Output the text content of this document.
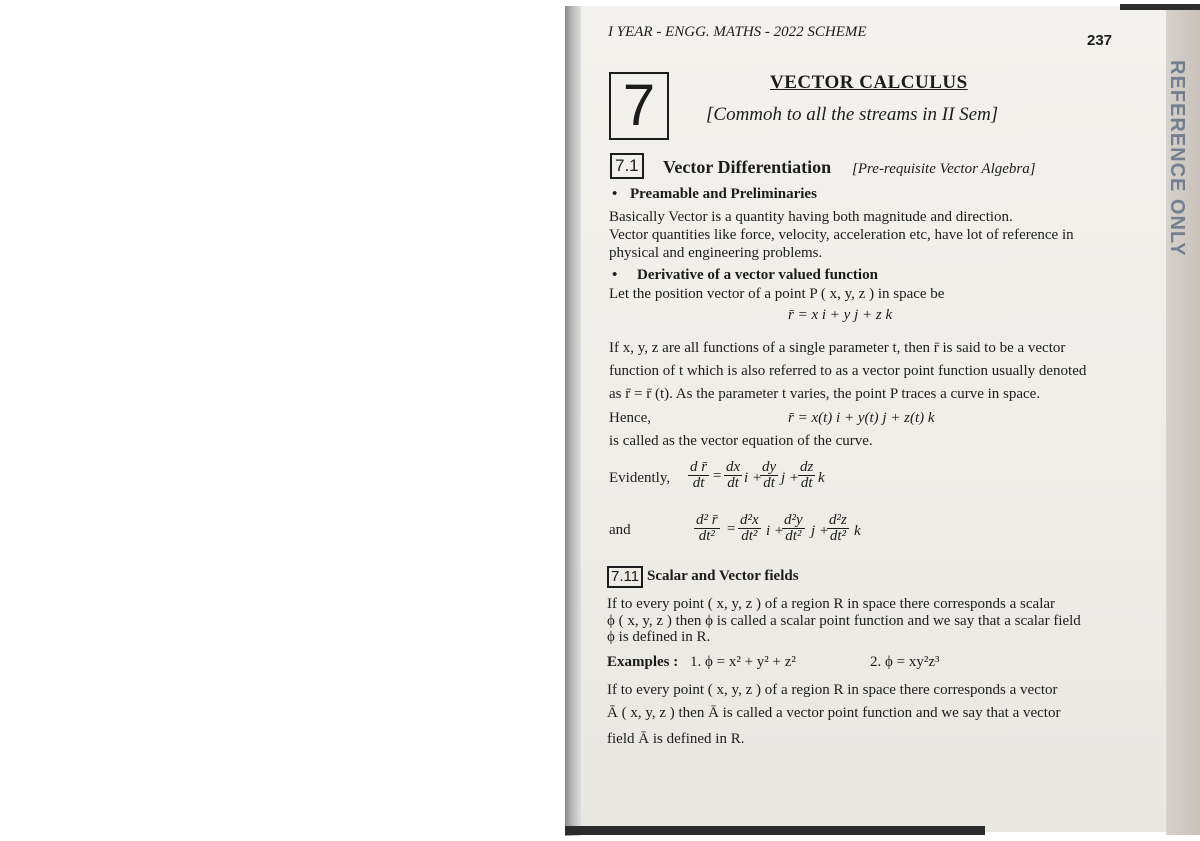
I YEAR - ENGG. MATHS - 2022 SCHEME	237
7	VECTOR CALCULUS
[Commoh to all the streams in II Sem]
7.1 Vector Differentiation [Pre-requisite Vector Algebra]
• Preamable and Preliminaries
Basically Vector is a quantity having both magnitude and direction.
Vector quantities like force, velocity, acceleration etc, have lot of reference in
physical and engineering problems.
• Derivative of a vector valued function
Let the position vector of a point P ( x, y, z ) in space be
r̄ = x i + y j + z k
If x, y, z are all functions of a single parameter t, then r̄ is said to be a vector
function of t which is also referred to as a vector point function usually denoted
as r̄ = r̄ (t). As the parameter t varies, the point P traces a curve in space.
Hence,	r̄ = x(t) i + y(t) j + z(t) k
is called as the vector equation of the curve.
Evidently, $\frac{\text{d r̄}}{dt} = \frac{dx}{dt}$ i +
$\frac{dy}{dt}$ j +
$\frac{dz}{dt}$ k
and	$\frac{\text{d² r̄}}{\text{dt²}} = \frac{\text{d²x}}{\text{dt²}}$ i +
$\frac{\text{d²y}}{\text{dt²}}$ j +
$\frac{\text{d²z}}{\text{dt²}}$ k
7.11 Scalar and Vector fields
If to every point ( x, y, z ) of a region R in space there corresponds a scalar
ϕ ( x, y, z ) then ϕ is called a scalar point function and we say that a scalar field
ϕ is defined in R.
Examples : 1. ϕ = x² + y² + z²	2. ϕ = xy²z³
If to every point ( x, y, z ) of a region R in space there corresponds a vector
Ā ( x, y, z ) then Ā is called a vector point function and we say that a vector
field Ā is defined in R.
